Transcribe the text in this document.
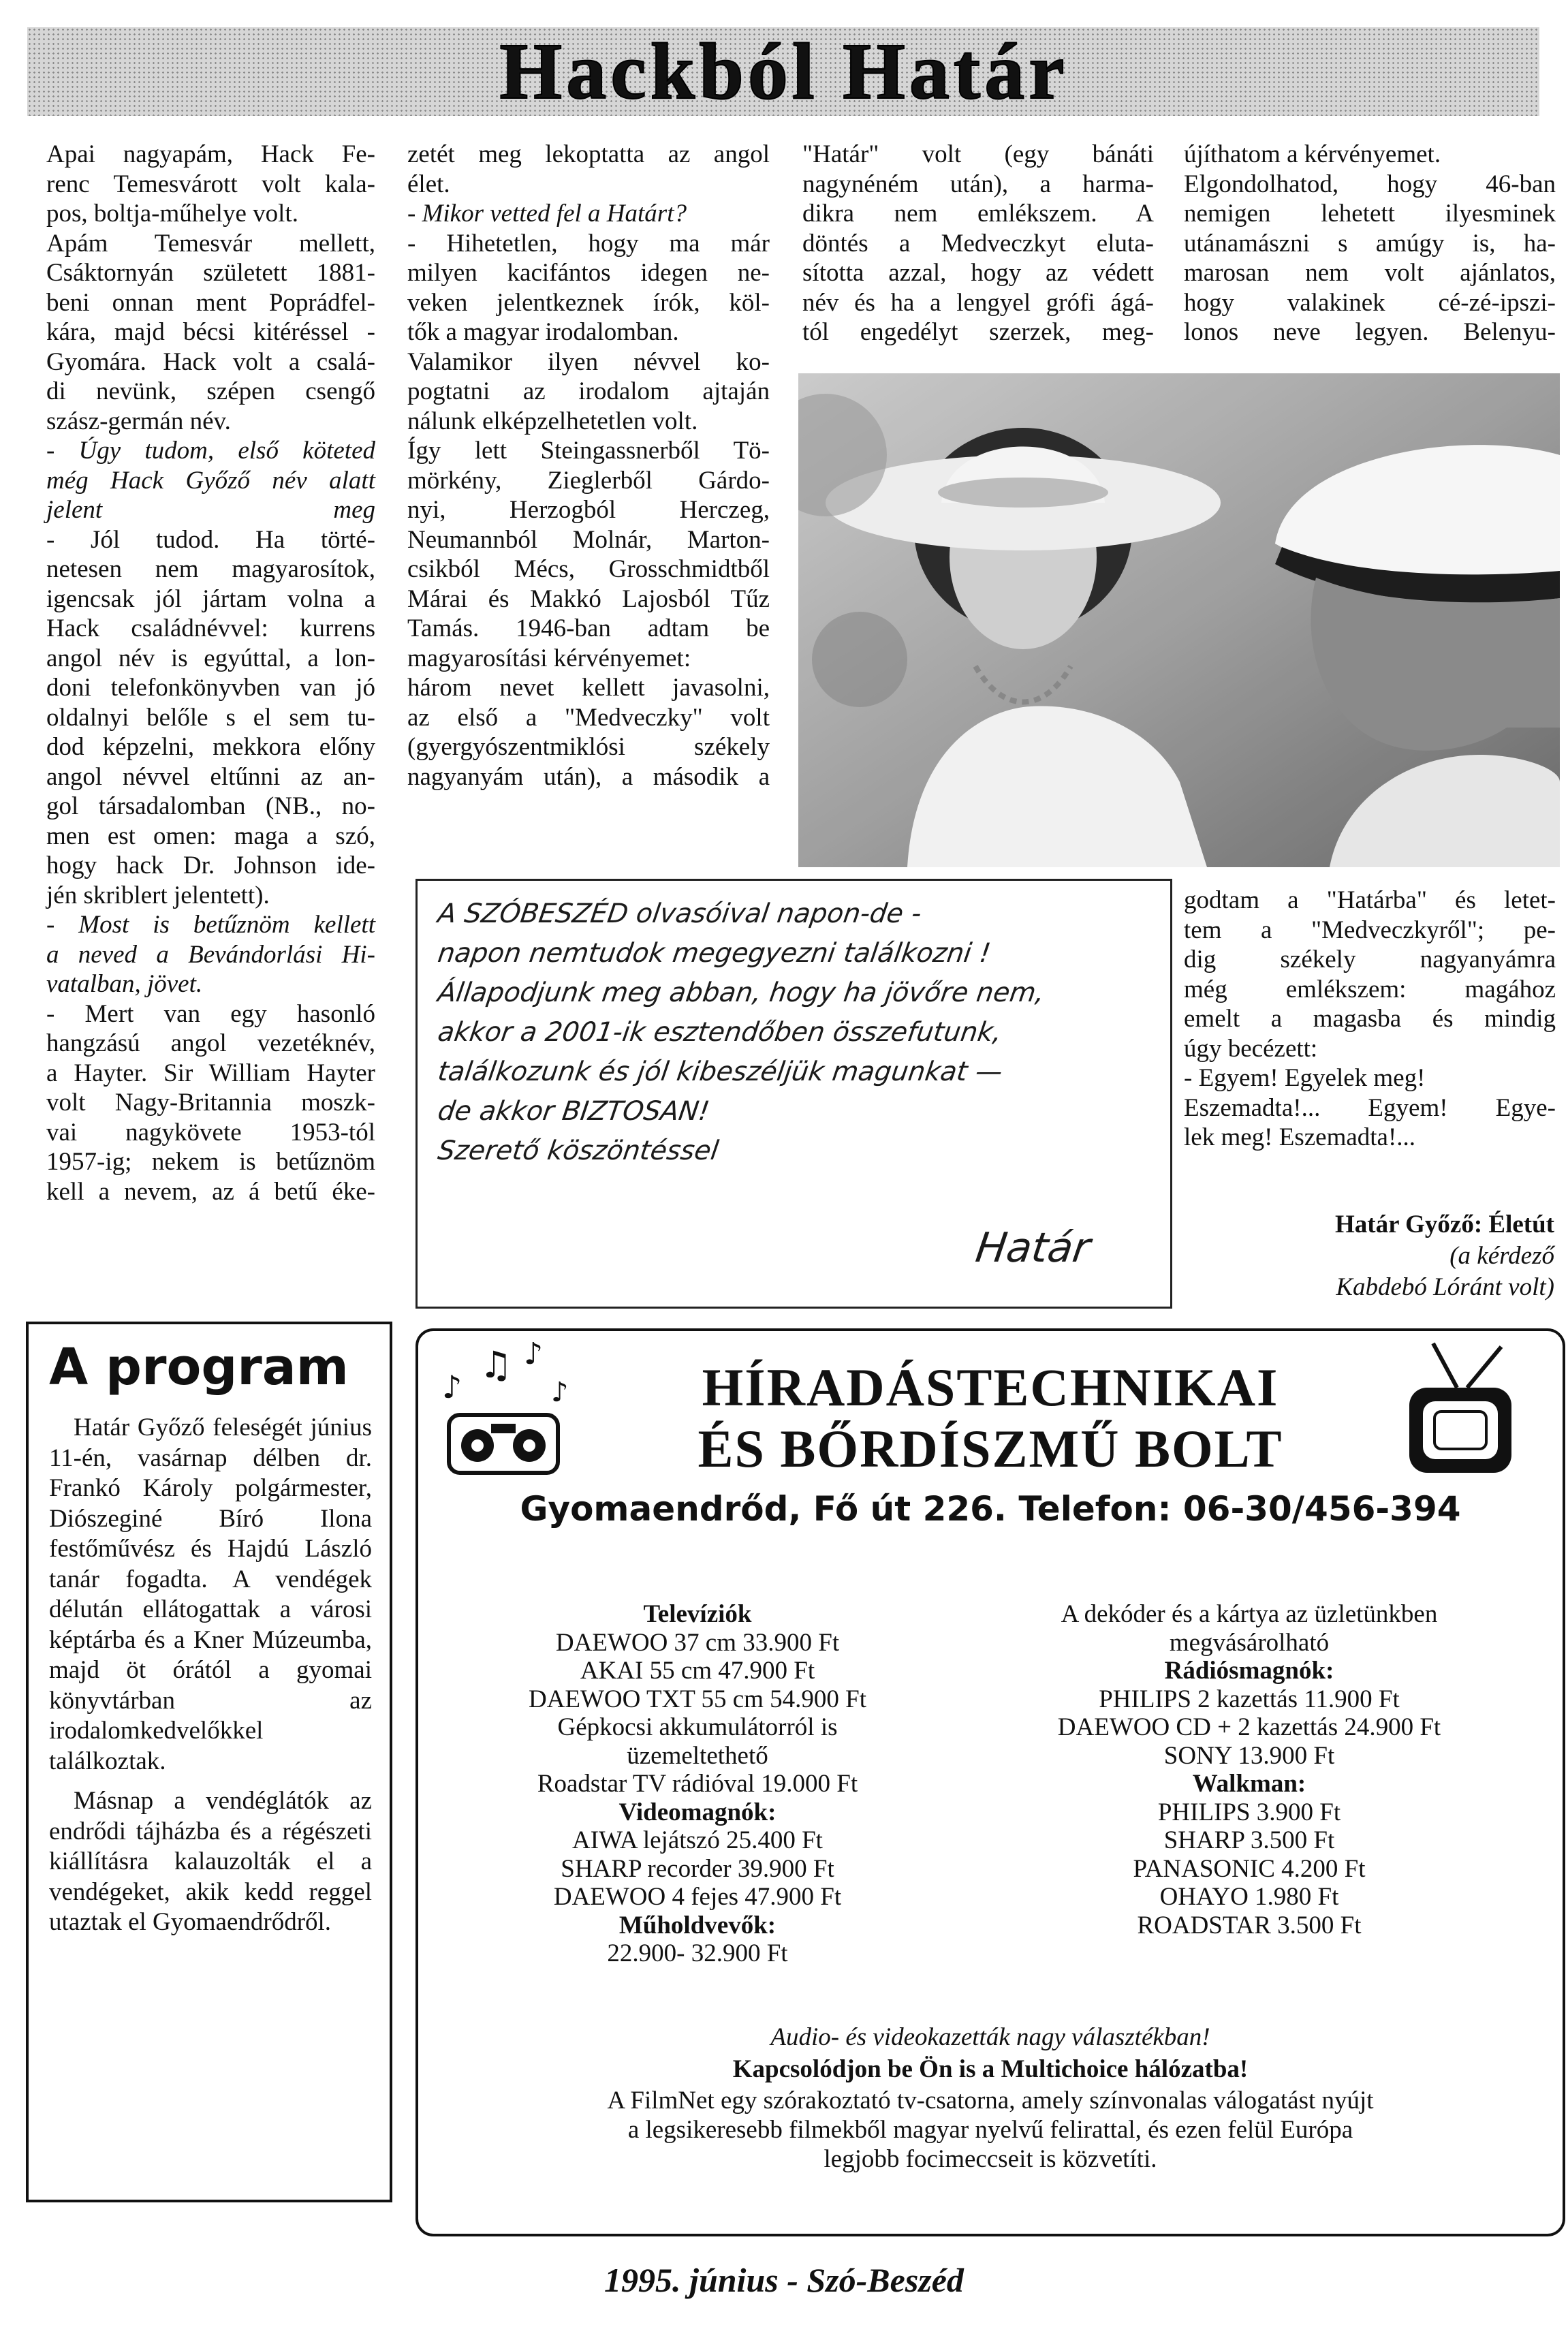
Hackból Határ
Apai nagyapám, Hack Fe-
renc Temesvárott volt kala-
pos, boltja-műhelye volt.
Apám Temesvár mellett,
Csáktornyán született 1881-
beni onnan ment Poprádfel-
kára, majd bécsi kitéréssel -
Gyomára. Hack volt a csalá-
di nevünk, szépen csengő
szász-germán név.
- Úgy tudom, első köteted
még Hack Győző név alatt
jelent meg
- Jól tudod. Ha törté-
netesen nem magyarosítok,
igencsak jól jártam volna a
Hack családnévvel: kurrens
angol név is egyúttal, a lon-
doni telefonkönyvben van jó
oldalnyi belőle s el sem tu-
dod képzelni, mekkora előny
angol névvel eltűnni az an-
gol társadalomban (NB., no-
men est omen: maga a szó,
hogy hack Dr. Johnson ide-
jén skriblert jelentett).
- Most is betűznöm kellett
a neved a Bevándorlási Hi-
vatalban, jövet.
- Mert van egy hasonló
hangzású angol vezetéknév,
a Hayter. Sir William Hayter
volt Nagy-Britannia moszk-
vai nagykövete 1953-tól
1957-ig; nekem is betűznöm
kell a nevem, az á betű éke-
zetét meg lekoptatta az angol
élet.
- Mikor vetted fel a Határt?
- Hihetetlen, hogy ma már
milyen kacifántos idegen ne-
veken jelentkeznek írók, köl-
tők a magyar irodalomban.
Valamikor ilyen névvel ko-
pogtatni az irodalom ajtaján
nálunk elképzelhetetlen volt.
Így lett Steingassnerből Tö-
mörkény, Zieglerből Gárdo-
nyi, Herzogból Herczeg,
Neumannból Molnár, Marton-
csikból Mécs, Grosschmidtből
Márai és Makkó Lajosból Tűz
Tamás. 1946-ban adtam be
magyarosítási kérvényemet:
három nevet kellett javasolni,
az első a "Medveczky" volt
(gyergyószentmiklósi székely
nagyanyám után), a második a
"Határ" volt (egy bánáti
nagynéném után), a harma-
dikra nem emlékszem. A
döntés a Medveczkyt eluta-
sította azzal, hogy az védett
név és ha a lengyel grófi ágá-
tól engedélyt szerzek, meg-
újíthatom a kérvényemet.
Elgondolhatod, hogy 46-ban
nemigen lehetett ilyesminek
utánamászni s amúgy is, ha-
marosan nem volt ajánlatos,
hogy valakinek cé-zé-ipszi-
lonos neve legyen. Belenyu-
godtam a "Határba" és letet-
tem a "Medveczkyről"; pe-
dig székely nagyanyámra
még emlékszem: magához
emelt a magasba és mindig
úgy becézett:
- Egyem! Egyelek meg!
Eszemadta!... Egyem! Egye-
lek meg! Eszemadta!...
A SZÓBESZÉD olvasóival napon-de -
napon nemtudok megegyezni találkozni !
Állapodjunk meg abban, hogy ha jövőre nem,
akkor a 2001-ik esztendőben összefutunk,
találkozunk és jól kibeszéljük magunkat —
de akkor BIZTOSAN!
Szerető köszöntéssel
Határ	Határ Győző: Életút
(a kérdező
Kabdebó Lóránt volt)
A program

Határ Győző feleségét június 11-én, vasárnap délben dr. Frankó Károly polgármester, Diószeginé Bíró Ilona festőművész és Hajdú László tanár fogadta. A vendégek délután ellátogattak a városi képtárba és a Kner Múzeumba, majd öt órától a gyomai könyvtárban az irodalomkedvelőkkel találkoztak.

Másnap a vendéglátók az endrődi tájházba és a régészeti kiállításra kalauzolták el a vendégeket, akik kedd reggel utaztak el Gyomaendrődről.

♪
♫ ♪
♪	HÍRADÁSTECHNIKAI
ÉS BŐRDÍSZMŰ BOLT
Gyomaendrőd, Fő út 226. Telefon: 06-30/456-394
Televíziók
DAEWOO 37 cm 33.900 Ft
AKAI 55 cm 47.900 Ft
DAEWOO TXT 55 cm 54.900 Ft
Gépkocsi akkumulátorról is üzemeltethető
Roadstar TV rádióval 19.000 Ft
Videomagnók:
AIWA lejátszó 25.400 Ft
SHARP recorder 39.900 Ft
DAEWOO 4 fejes 47.900 Ft
Műholdvevők:
22.900- 32.900 Ft
A dekóder és a kártya az üzletünkben
megvásárolható
Rádiósmagnók:
PHILIPS 2 kazettás 11.900 Ft
DAEWOO CD + 2 kazettás 24.900 Ft
SONY 13.900 Ft
Walkman:
PHILIPS 3.900 Ft
SHARP 3.500 Ft
PANASONIC 4.200 Ft
OHAYO 1.980 Ft
ROADSTAR 3.500 Ft
Audio- és videokazetták nagy választékban!
Kapcsolódjon be Ön is a Multichoice hálózatba!
A FilmNet egy szórakoztató tv-csatorna, amely színvonalas válogatást nyújt
a legsikeresebb filmekből magyar nyelvű felirattal, és ezen felül Európa
legjobb focimeccseit is közvetíti.
1995. június - Szó-Beszéd
